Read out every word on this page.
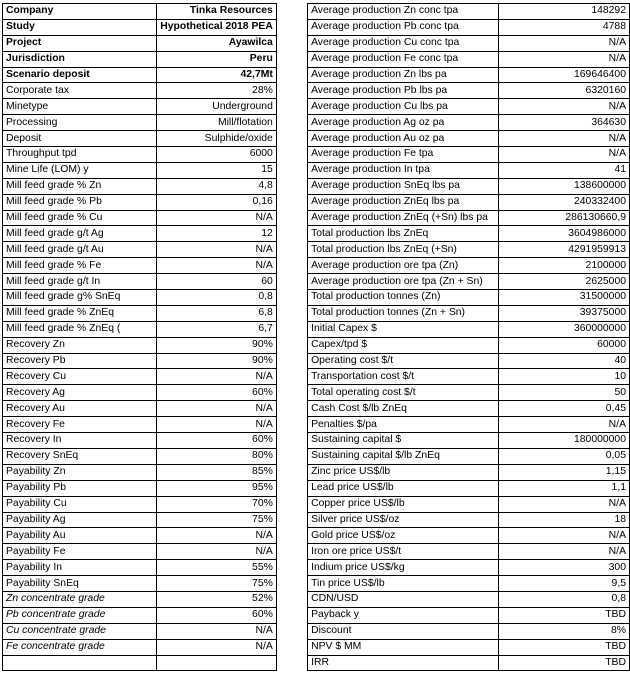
Company	Tinka Resources		Average production Zn conc tpa	148292
Study	Hypothetical 2018 PEA		Average production Pb conc tpa	4788
Project	Ayawilca		Average production Cu conc tpa	N/A
Jurisdiction	Peru		Average production Fe conc tpa	N/A
Scenario deposit	42,7Mt		Average production Zn lbs pa	169646400
Corporate tax	28%		Average production Pb lbs pa	6320160
Minetype	Underground		Average production Cu lbs pa	N/A
Processing	Mill/flotation		Average production Ag oz pa	364630
Deposit	Sulphide/oxide		Average production Au oz pa	N/A
Throughput tpd	6000		Average production Fe tpa	N/A
Mine Life (LOM) y	15		Average production In tpa	41
Mill feed grade % Zn	4,8		Average production SnEq lbs pa	138600000
Mill feed grade % Pb	0,16		Average production ZnEq lbs pa	240332400
Mill feed grade % Cu	N/A		Average production ZnEq (+Sn) lbs pa	286130660,9
Mill feed grade g/t Ag	12		Total production lbs ZnEq	3604986000
Mill feed grade g/t Au	N/A		Total production lbs ZnEq (+Sn)	4291959913
Mill feed grade % Fe	N/A		Average production ore tpa (Zn)	2100000
Mill feed grade g/t In	60		Average production ore tpa (Zn + Sn)	2625000
Mill feed grade g% SnEq	0,8		Total production tonnes (Zn)	31500000
Mill feed grade % ZnEq	6,8		Total production tonnes (Zn + Sn)	39375000
Mill feed grade % ZnEq (	6,7		Initial Capex $	360000000
Recovery Zn	90%		Capex/tpd $	60000
Recovery Pb	90%		Operating cost $/t	40
Recovery Cu	N/A		Transportation cost $/t	10
Recovery Ag	60%		Total operating cost $/t	50
Recovery Au	N/A		Cash Cost $/lb ZnEq	0,45
Recovery Fe	N/A		Penalties $/pa	N/A
Recovery In	60%		Sustaining capital $	180000000
Recovery SnEq	80%		Sustaining capital $/lb ZnEq	0,05
Payability Zn	85%		Zinc price US$/lb	1,15
Payability Pb	95%		Lead price US$/lb	1,1
Payability Cu	70%		Copper price US$/lb	N/A
Payability Ag	75%		Silver price US$/oz	18
Payability Au	N/A		Gold price US$/oz	N/A
Payability Fe	N/A		Iron ore price US$/t	N/A
Payability In	55%		Indium price US$/kg	300
Payability SnEq	75%		Tin price US$/lb	9,5
Zn concentrate grade	52%		CDN/USD	0,8
Pb concentrate grade	60%		Payback y	TBD
Cu concentrate grade	N/A		Discount	8%
Fe concentrate grade	N/A		NPV $ MM	TBD
			IRR	TBD
